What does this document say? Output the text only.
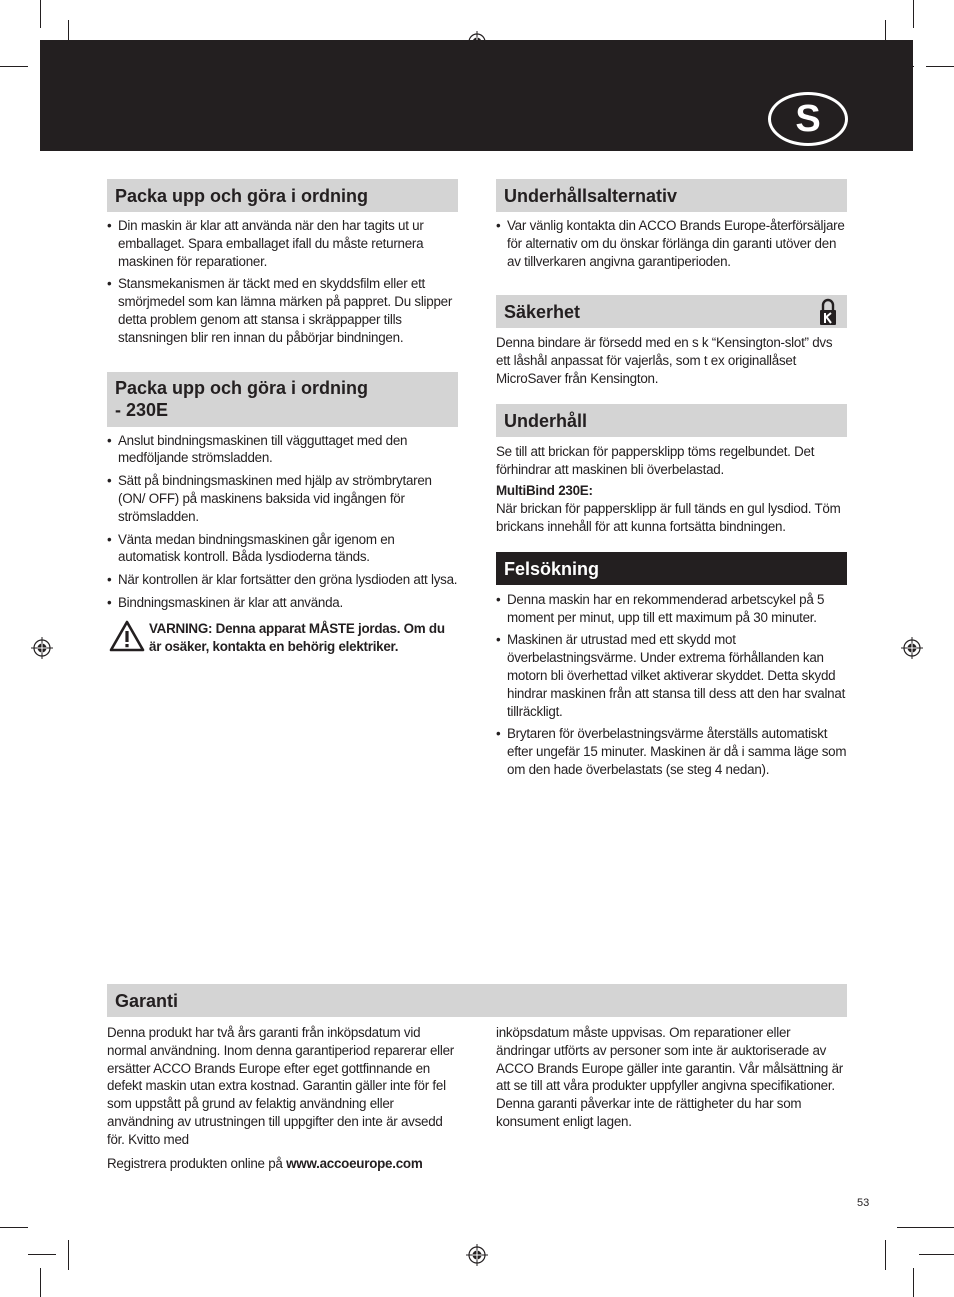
S
Packa upp och göra i ordning
• Din maskin är klar att använda när den har tagits ut ur emballaget. Spara emballaget ifall du måste returnera maskinen för reparationer.
• Stansmekanismen är täckt med en skyddsfilm eller ett smörjmedel som kan lämna märken på pappret. Du slipper detta problem genom att stansa i skräppapper tills stansningen blir ren innan du påbörjar bindningen.
Packa upp och göra i ordning
- 230E
• Anslut bindningsmaskinen till vägguttaget med den medföljande strömsladden.
• Sätt på bindningsmaskinen med hjälp av strömbrytaren (ON/ OFF) på maskinens baksida vid ingången för strömsladden.
• Vänta medan bindningsmaskinen går igenom en automatisk kontroll. Båda lysdioderna tänds.
• När kontrollen är klar fortsätter den gröna lysdioden att lysa.
• Bindningsmaskinen är klar att använda.
VARNING: Denna apparat MÅSTE jordas. Om du är osäker, kontakta en behörig elektriker.
Underhållsalternativ
• Var vänlig kontakta din ACCO Brands Europe-återförsäljare för alternativ om du önskar förlänga din garanti utöver den av tillverkaren angivna garantiperioden.
Säkerhet

Denna bindare är försedd med en s k “Kensington-slot” dvs ett låshål anpassat för vajerlås, som t ex originallåset MicroSaver från Kensington.

Underhåll

Se till att brickan för pappersklipp töms regelbundet. Det förhindrar att maskinen bli överbelastad.

MultiBind 230E:

När brickan för pappersklipp är full tänds en gul lysdiod. Töm brickans innehåll för att kunna fortsätta bindningen.

Felsökning
• Denna maskin har en rekommenderad arbetscykel på 5 moment per minut, upp till ett maximum på 30 minuter.
• Maskinen är utrustad med ett skydd mot överbelastningsvärme. Under extrema förhållanden kan motorn bli överhettad vilket aktiverar skyddet. Detta skydd hindrar maskinen från att stansa till dess att den har svalnat tillräckligt.
• Brytaren för överbelastningsvärme återställs automatiskt efter ungefär 15 minuter. Maskinen är då i samma läge som om den hade överbelastats (se steg 4 nedan).
Garanti

Denna produkt har två års garanti från inköpsdatum vid normal användning. Inom denna garantiperiod reparerar eller ersätter ACCO Brands Europe efter eget gottfinnande en defekt maskin utan extra kostnad. Garantin gäller inte för fel som uppstått på grund av felaktig användning eller användning av utrustningen till uppgifter den inte är avsedd för. Kvitto med

Registrera produkten online på www.accoeurope.com

inköpsdatum måste uppvisas. Om reparationer eller ändringar utförts av personer som inte är auktoriserade av ACCO Brands Europe gäller inte garantin. Vår målsättning är att se till att våra produkter uppfyller angivna specifikationer. Denna garanti påverkar inte de rättigheter du har som konsument enligt lagen.

53
